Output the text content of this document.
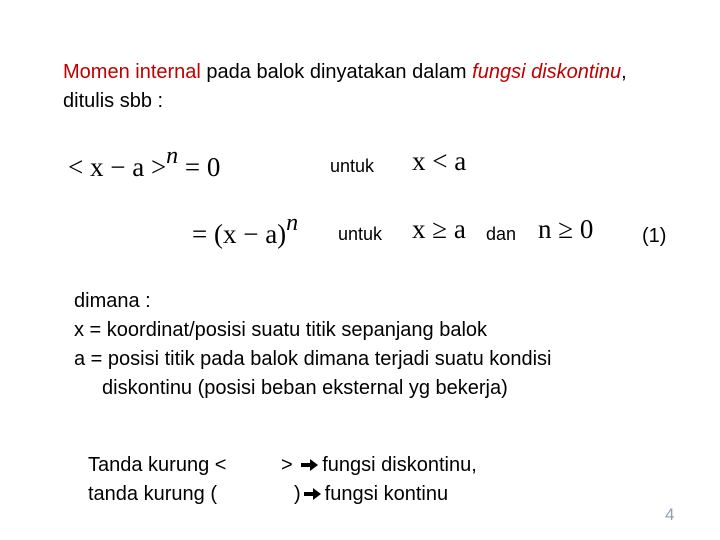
Momen internal pada balok dinyatakan dalam fungsi diskontinu, ditulis sbb :
< x − a >n = 0	untuk x < a
= (x − a)n untuk x ≥ a dan n ≥ 0 (1)
dimana :
x = koordinat/posisi suatu titik sepanjang balok
a = posisi titik pada balok dimana terjadi suatu kondisi
diskontinu (posisi beban eksternal yg bekerja)
Tanda kurung <	> fungsi diskontinu,
tanda kurung (	) fungsi kontinu
4
